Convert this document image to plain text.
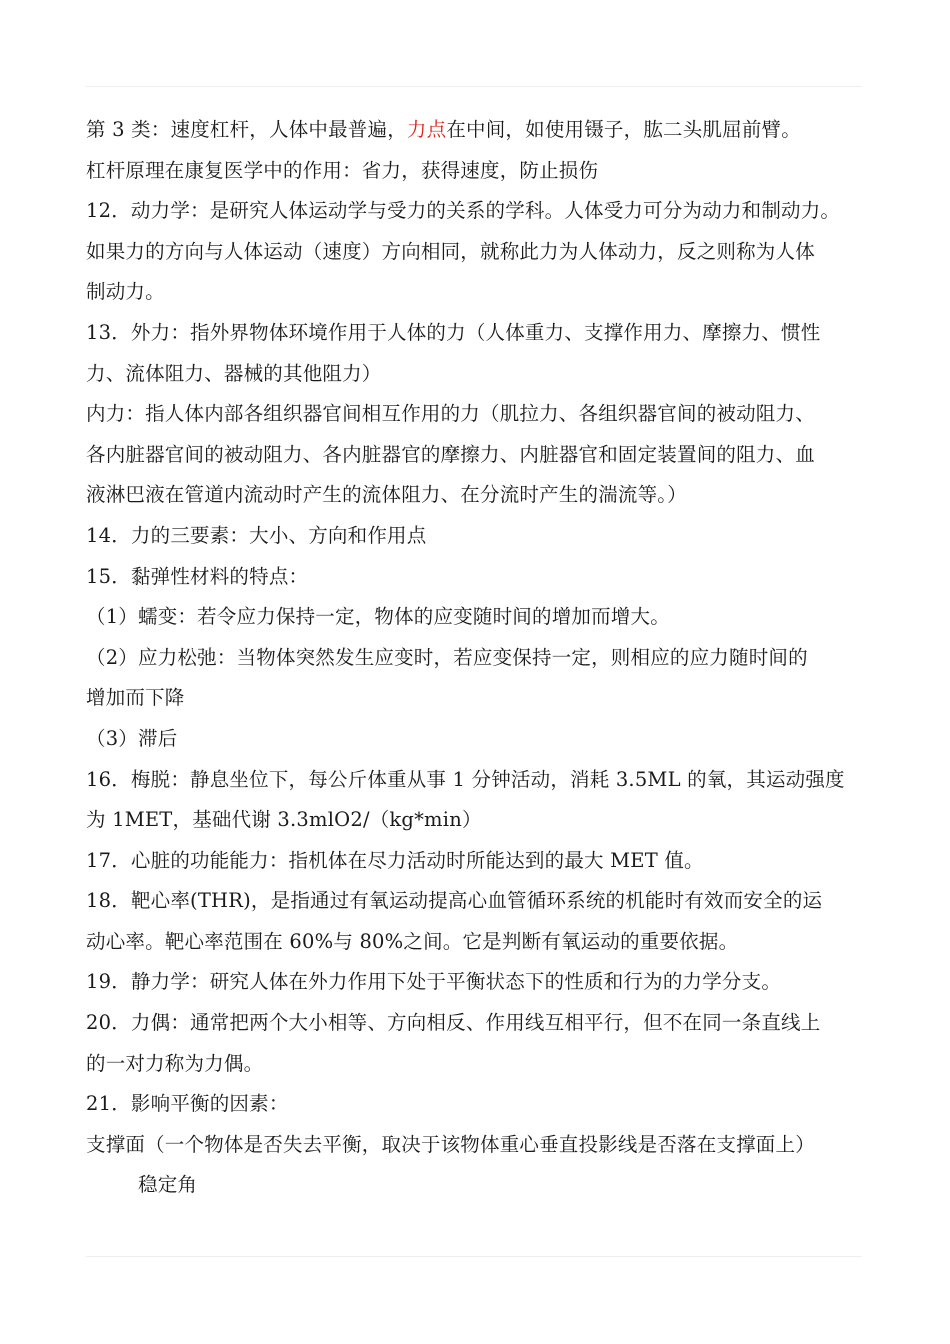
第 3 类：速度杠杆，人体中最普遍，力点在中间，如使用镊子，肱二头肌屈前臂。
杠杆原理在康复医学中的作用：省力，获得速度，防止损伤
12．动力学：是研究人体运动学与受力的关系的学科。人体受力可分为动力和制动力。
如果力的方向与人体运动（速度）方向相同，就称此力为人体动力，反之则称为人体
制动力。
13．外力：指外界物体环境作用于人体的力（人体重力、支撑作用力、摩擦力、惯性
力、流体阻力、器械的其他阻力）
内力：指人体内部各组织器官间相互作用的力（肌拉力、各组织器官间的被动阻力、
各内脏器官间的被动阻力、各内脏器官的摩擦力、内脏器官和固定装置间的阻力、血
液淋巴液在管道内流动时产生的流体阻力、在分流时产生的湍流等。）
14．力的三要素：大小、方向和作用点
15．黏弹性材料的特点：
（1）蠕变：若令应力保持一定，物体的应变随时间的增加而增大。
（2）应力松弛：当物体突然发生应变时，若应变保持一定，则相应的应力随时间的
增加而下降
（3）滞后
16．梅脱：静息坐位下，每公斤体重从事 1 分钟活动，消耗 3.5ML 的氧，其运动强度
为 1MET，基础代谢 3.3mlO2/（kg*min）
17．心脏的功能能力：指机体在尽力活动时所能达到的最大 MET 值。
18．靶心率(THR)，是指通过有氧运动提高心血管循环系统的机能时有效而安全的运
动心率。靶心率范围在 60%与 80%之间。它是判断有氧运动的重要依据。
19．静力学：研究人体在外力作用下处于平衡状态下的性质和行为的力学分支。
20．力偶：通常把两个大小相等、方向相反、作用线互相平行，但不在同一条直线上
的一对力称为力偶。
21．影响平衡的因素：
支撑面（一个物体是否失去平衡，取决于该物体重心垂直投影线是否落在支撑面上）
稳定角
